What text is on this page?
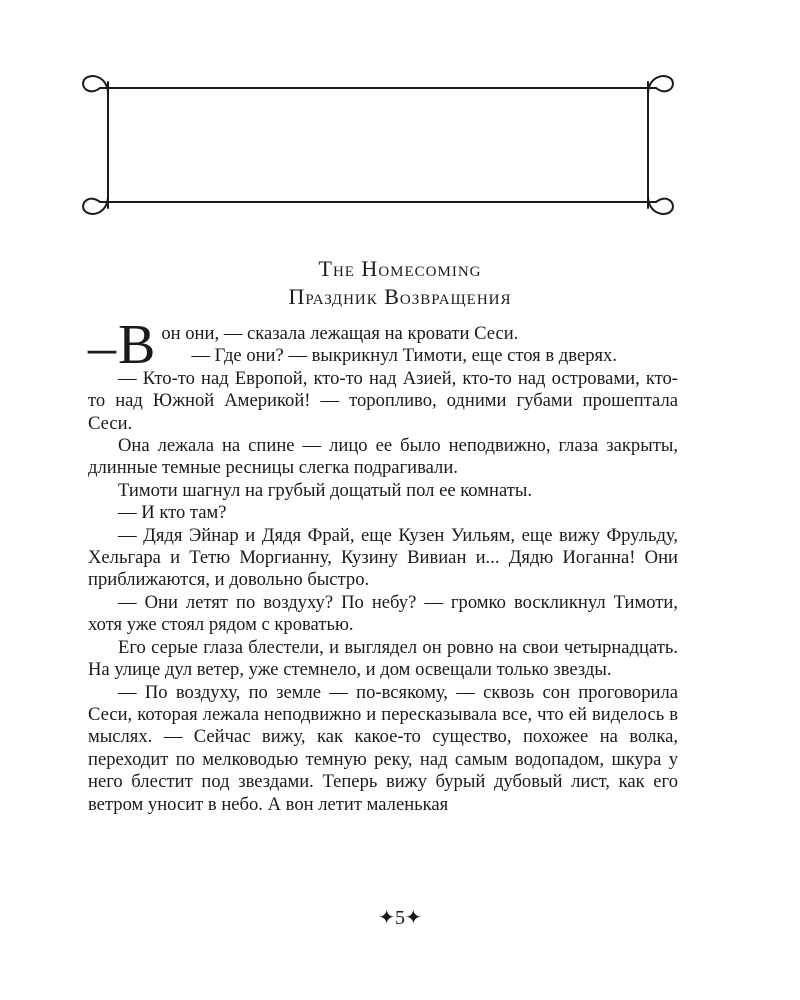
The Homecoming
Праздник Возвращения

– В он они, — сказала лежащая на кровати Сеси.

— Где они? — выкрикнул Тимоти, еще стоя в дверях.

— Кто-то над Европой, кто-то над Азией, кто-то над островами, кто-то над Южной Америкой! — торопливо, одними губами прошептала Сеси.

Она лежала на спине — лицо ее было неподвижно, глаза закрыты, длинные темные ресницы слегка подрагивали.

Тимоти шагнул на грубый дощатый пол ее комнаты.

— И кто там?

— Дядя Эйнар и Дядя Фрай, еще Кузен Уильям, еще вижу Фрульду, Хельгара и Тетю Моргианну, Кузину Вивиан и... Дядю Иоганна! Они приближаются, и довольно быстро.

— Они летят по воздуху? По небу? — громко воскликнул Тимоти, хотя уже стоял рядом с кроватью.

Его серые глаза блестели, и выглядел он ровно на свои четырнадцать. На улице дул ветер, уже стемнело, и дом освещали только звезды.

— По воздуху, по земле — по-всякому, — сквозь сон проговорила Сеси, которая лежала неподвижно и пересказывала все, что ей виделось в мыслях. — Сейчас вижу, как какое-то существо, похожее на волка, переходит по мелководью темную реку, над самым водопадом, шкура у него блестит под звездами. Теперь вижу бурый дубовый лист, как его ветром уносит в небо. А вон летит маленькая

✦5✦
